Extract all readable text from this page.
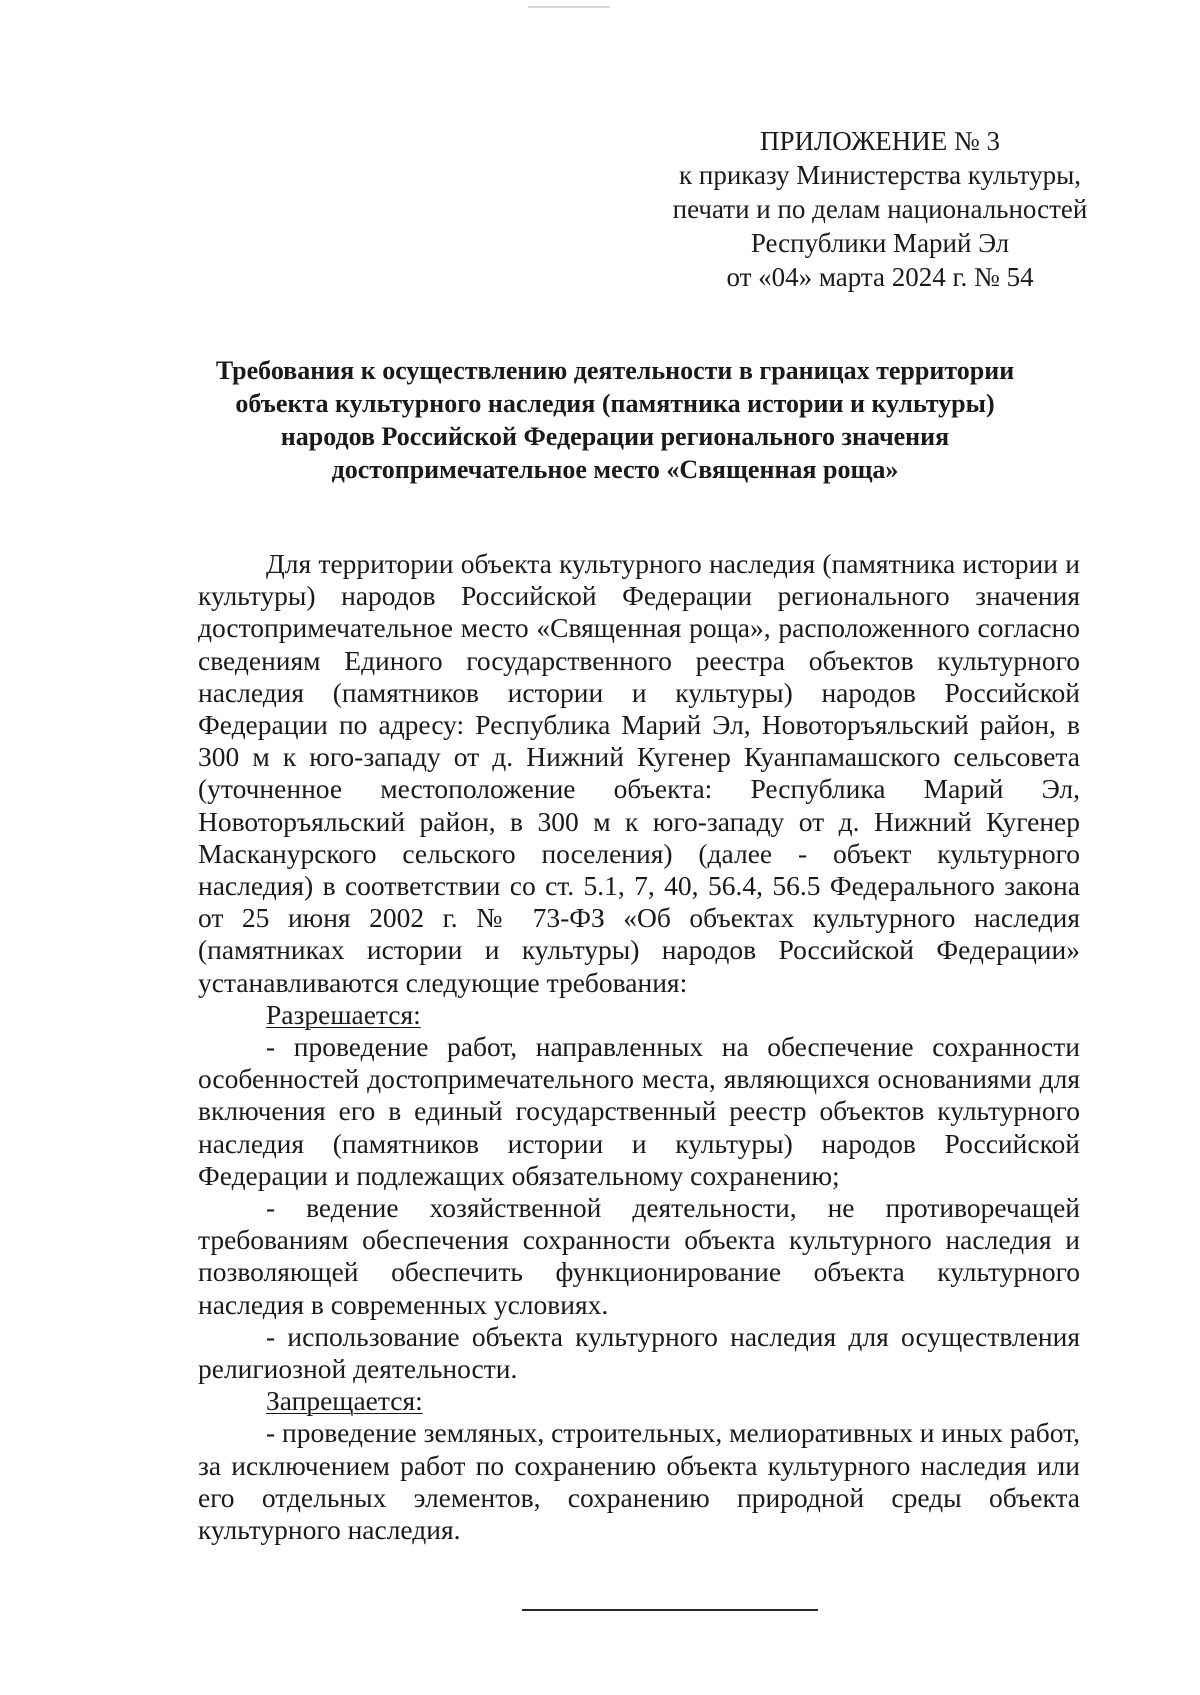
ПРИЛОЖЕНИЕ № 3
к приказу Министерства культуры,
печати и по делам национальностей
Республики Марий Эл
от «04» марта 2024 г. № 54
Требования к осуществлению деятельности в границах территории
объекта культурного наследия (памятника истории и культуры)
народов Российской Федерации регионального значения
достопримечательное место «Священная роща»

Для территории объекта культурного наследия (памятника истории и культуры) народов Российской Федерации регионального значения достопримечательное место «Священная роща», расположенного согласно сведениям Единого государственного реестра объектов культурного наследия (памятников истории и культуры) народов Российской Федерации по адресу: Республика Марий Эл, Новоторъяльский район, в 300 м к юго-западу от д. Нижний Кугенер Куанпамашского сельсовета (уточненное местоположение объекта: Республика Марий Эл, Новоторъяльский район, в 300 м к юго-западу от д. Нижний Кугенер Масканурского сельского поселения) (далее - объект культурного наследия) в соответствии со ст. 5.1, 7, 40, 56.4, 56.5 Федерального закона от 25 июня 2002 г. № 73-ФЗ «Об объектах культурного наследия (памятниках истории и культуры) народов Российской Федерации» устанавливаются следующие требования:

Разрешается:

- проведение работ, направленных на обеспечение сохранности особенностей достопримечательного места, являющихся основаниями для включения его в единый государственный реестр объектов культурного наследия (памятников истории и культуры) народов Российской Федерации и подлежащих обязательному сохранению;

- ведение хозяйственной деятельности, не противоречащей требованиям обеспечения сохранности объекта культурного наследия и позволяющей обеспечить функционирование объекта культурного наследия в современных условиях.

- использование объекта культурного наследия для осуществления религиозной деятельности.

Запрещается:

- проведение земляных, строительных, мелиоративных и иных работ, за исключением работ по сохранению объекта культурного наследия или его отдельных элементов, сохранению природной среды объекта культурного наследия.
